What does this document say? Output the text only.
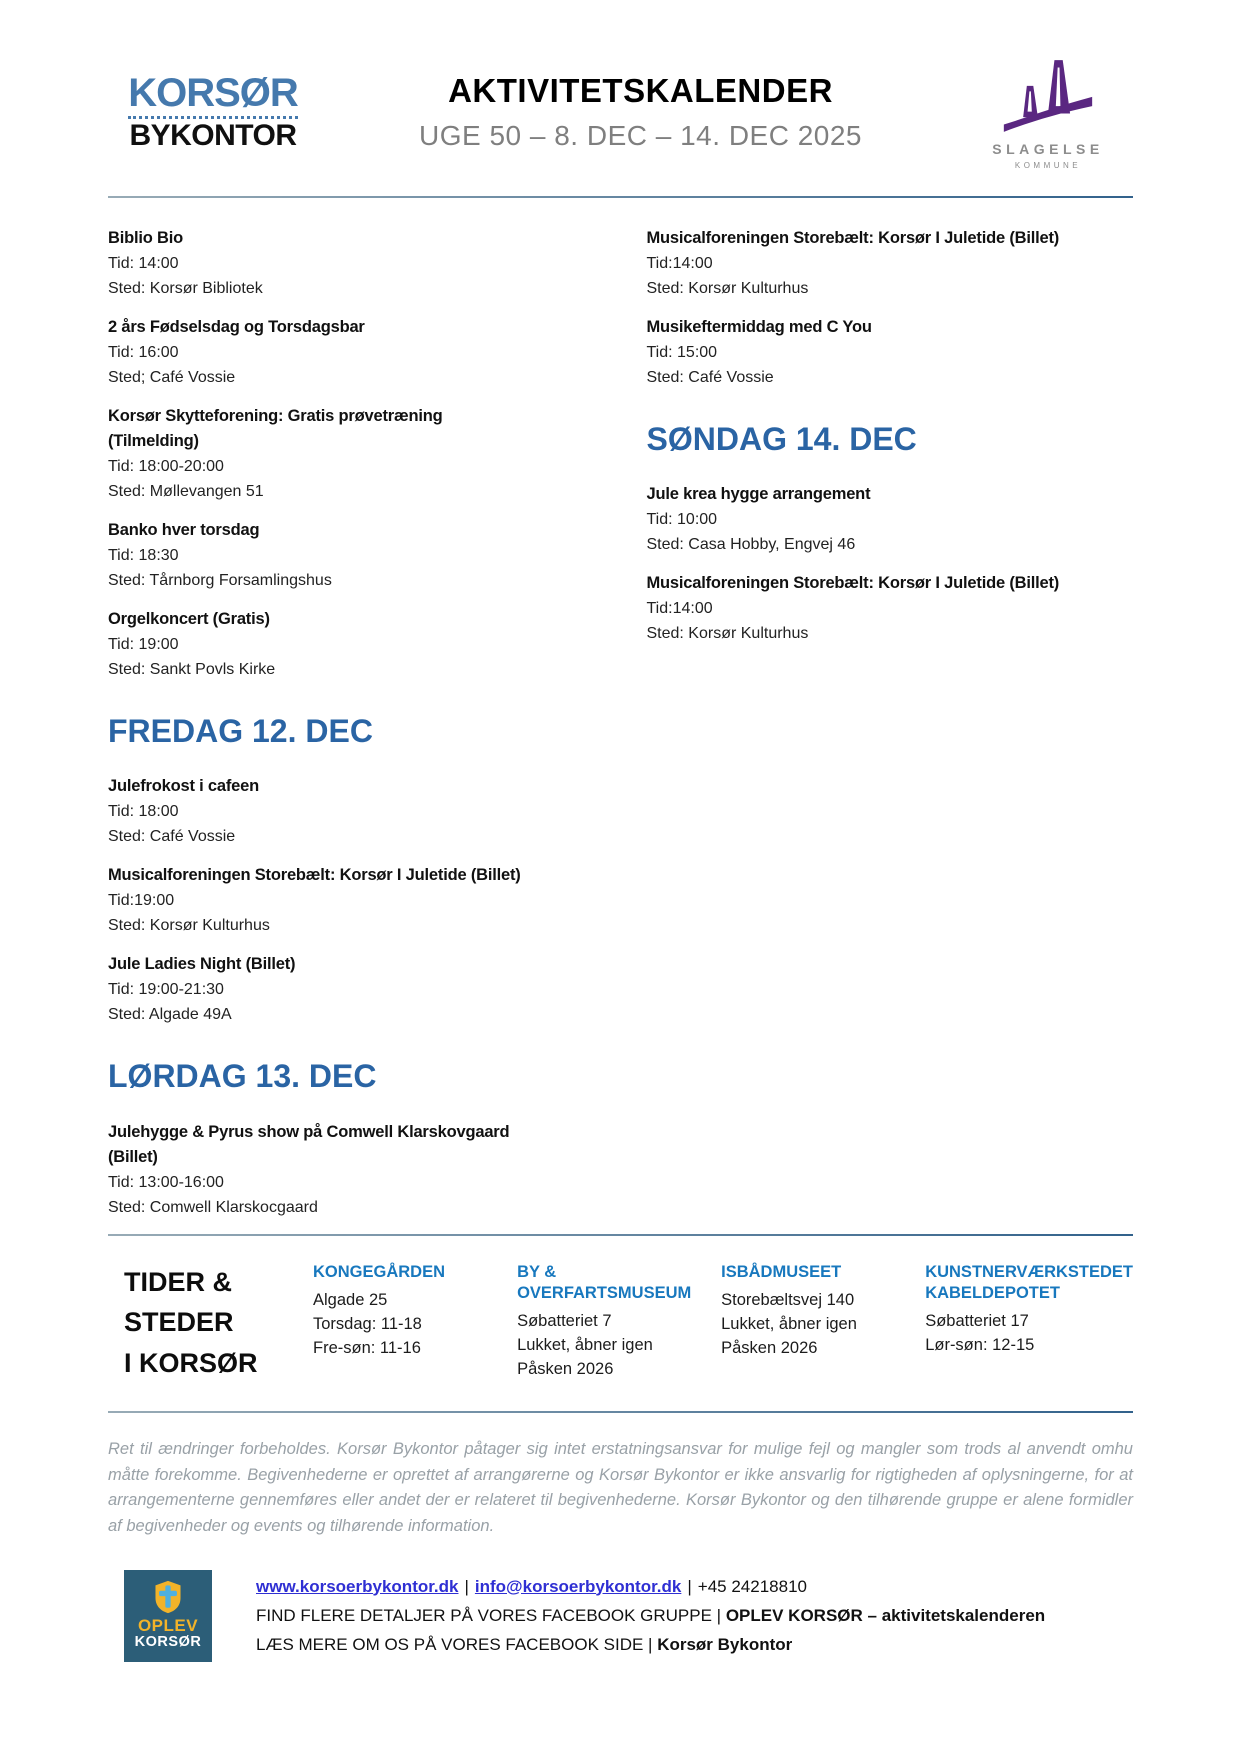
KORSØR
BYKONTOR
AKTIVITETSKALENDER
UGE 50 – 8. DEC – 14. DEC 2025	SLAGELSE
KOMMUNE
Biblio Bio
Tid: 14:00
Sted: Korsør Bibliotek
2 års Fødselsdag og Torsdagsbar
Tid: 16:00
Sted; Café Vossie
Korsør Skytteforening: Gratis prøvetræning
(Tilmelding)
Tid: 18:00-20:00
Sted: Møllevangen 51
Banko hver torsdag
Tid: 18:30
Sted: Tårnborg Forsamlingshus
Orgelkoncert (Gratis)
Tid: 19:00
Sted: Sankt Povls Kirke
FREDAG 12. DEC
Julefrokost i cafeen
Tid: 18:00
Sted: Café Vossie
Musicalforeningen Storebælt: Korsør I Juletide (Billet)
Tid:19:00
Sted: Korsør Kulturhus
Jule Ladies Night (Billet)
Tid: 19:00-21:30
Sted: Algade 49A
LØRDAG 13. DEC
Julehygge & Pyrus show på Comwell Klarskovgaard
(Billet)
Tid: 13:00-16:00
Sted: Comwell Klarskocgaard
Musicalforeningen Storebælt: Korsør I Juletide (Billet)
Tid:14:00
Sted: Korsør Kulturhus
Musikeftermiddag med C You
Tid: 15:00
Sted: Café Vossie
SØNDAG 14. DEC
Jule krea hygge arrangement
Tid: 10:00
Sted: Casa Hobby, Engvej 46
Musicalforeningen Storebælt: Korsør I Juletide (Billet)
Tid:14:00
Sted: Korsør Kulturhus
TIDER &
STEDER
I KORSØR
KONGEGÅRDEN
Algade 25
Torsdag: 11-18
Fre-søn: 11-16
BY & OVERFARTSMUSEUM
Søbatteriet 7
Lukket, åbner igen
Påsken 2026
ISBÅDMUSEET
Storebæltsvej 140
Lukket, åbner igen
Påsken 2026
KUNSTNERVÆRKSTEDET KABELDEPOTET
Søbatteriet 17
Lør-søn: 12-15

Ret til ændringer forbeholdes. Korsør Bykontor påtager sig intet erstatningsansvar for mulige fejl og mangler som trods al anvendt omhu måtte forekomme. Begivenhederne er oprettet af arrangørerne og Korsør Bykontor er ikke ansvarlig for rigtigheden af oplysningerne, for at arrangementerne gennemføres eller andet der er relateret til begivenhederne. Korsør Bykontor og den tilhørende gruppe er alene formidler af begivenheder og events og tilhørende information.

OPLEV
KORSØR
www.korsoerbykontor.dk | info@korsoerbykontor.dk | +45 24218810
FIND FLERE DETALJER PÅ VORES FACEBOOK GRUPPE | OPLEV KORSØR – aktivitetskalenderen
LÆS MERE OM OS PÅ VORES FACEBOOK SIDE | Korsør Bykontor
